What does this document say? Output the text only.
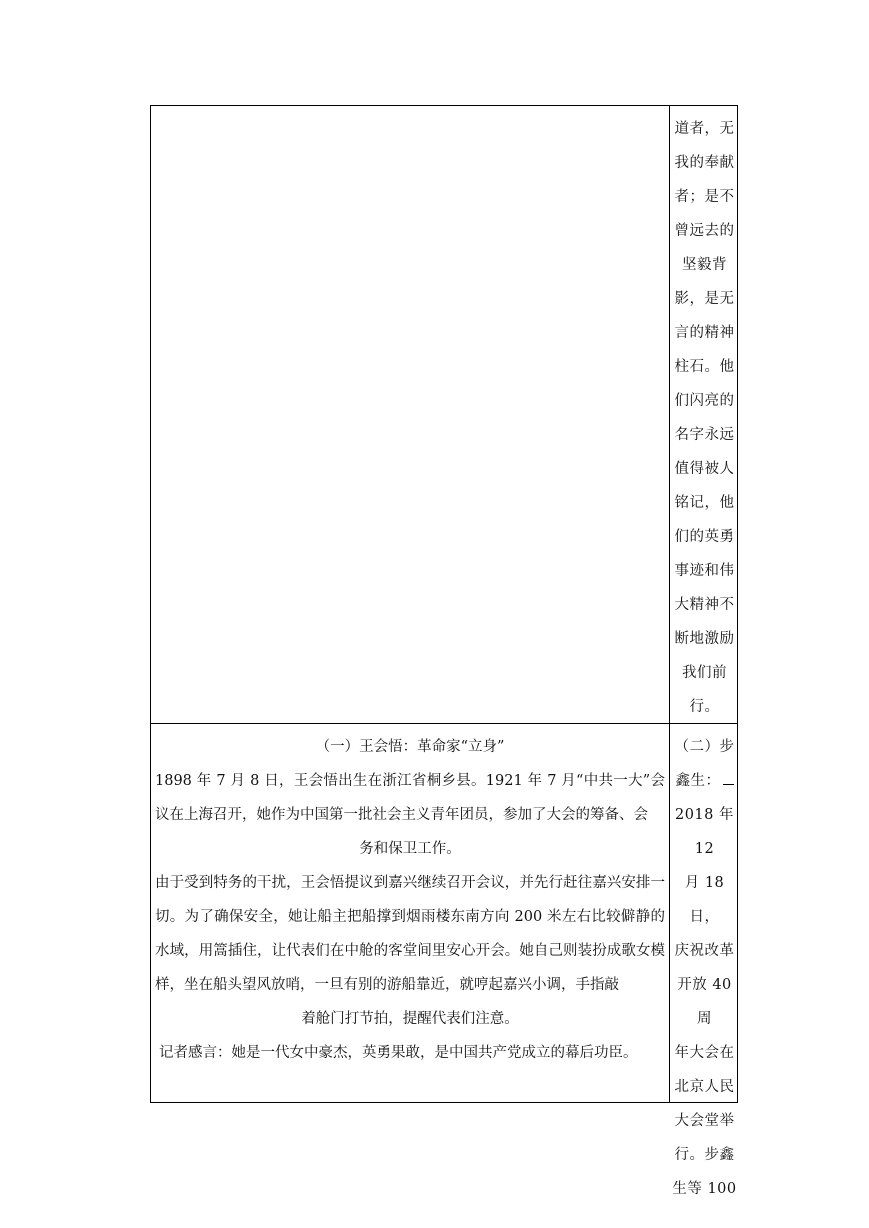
道者，无

我的奉献

者；是不

曾远去的

坚毅背

影，是无

言的精神

柱石。他

们闪亮的

名字永远

值得被人

铭记，他

们的英勇

事迹和伟

大精神不

断地激励

我们前

行。

（一）王会悟：革命家“立身”

1898 年 7 月 8 日，王会悟出生在浙江省桐乡县。1921 年 7 月“中共一大”会议在上海召开，她作为中国第一批社会主义青年团员，参加了大会的筹备、会

务和保卫工作。

由于受到特务的干扰，王会悟提议到嘉兴继续召开会议，并先行赶往嘉兴安排一切。为了确保安全，她让船主把船撑到烟雨楼东南方向 200 米左右比较僻静的水域，用篙插住，让代表们在中舱的客堂间里安心开会。她自己则装扮成歌女模样，坐在船头望风放哨，一旦有别的游船靠近，就哼起嘉兴小调，手指敲

着舱门打节拍，提醒代表们注意。

记者感言：她是一代女中豪杰，英勇果敢，是中国共产党成立的幕后功臣。

（二）步

鑫生：

2018 年 12

月 18 日，

庆祝改革

开放 40 周

年大会在

北京人民

大会堂举

行。步鑫

生等 100
